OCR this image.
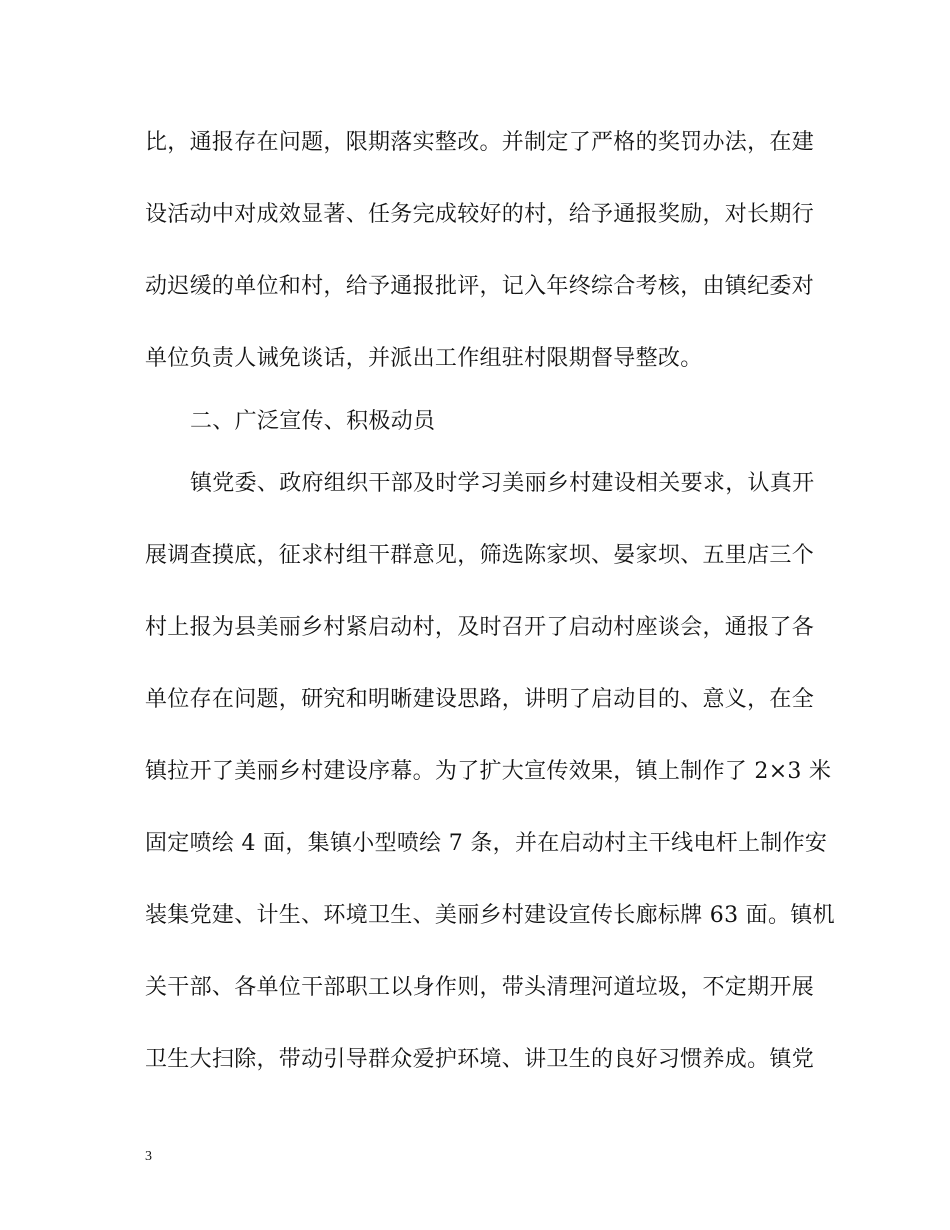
比，通报存在问题，限期落实整改。并制定了严格的奖罚办法，在建
设活动中对成效显著、任务完成较好的村，给予通报奖励，对长期行
动迟缓的单位和村，给予通报批评，记入年终综合考核，由镇纪委对
单位负责人诫免谈话，并派出工作组驻村限期督导整改。
二、广泛宣传、积极动员
镇党委、政府组织干部及时学习美丽乡村建设相关要求，认真开
展调查摸底，征求村组干群意见，筛选陈家坝、晏家坝、五里店三个
村上报为县美丽乡村紧启动村，及时召开了启动村座谈会，通报了各
单位存在问题，研究和明晰建设思路，讲明了启动目的、意义，在全
镇拉开了美丽乡村建设序幕。为了扩大宣传效果，镇上制作了 2×3 米
固定喷绘 4 面，集镇小型喷绘 7 条，并在启动村主干线电杆上制作安
装集党建、计生、环境卫生、美丽乡村建设宣传长廊标牌 63 面。镇机
关干部、各单位干部职工以身作则，带头清理河道垃圾，不定期开展
卫生大扫除，带动引导群众爱护环境、讲卫生的良好习惯养成。镇党
3
